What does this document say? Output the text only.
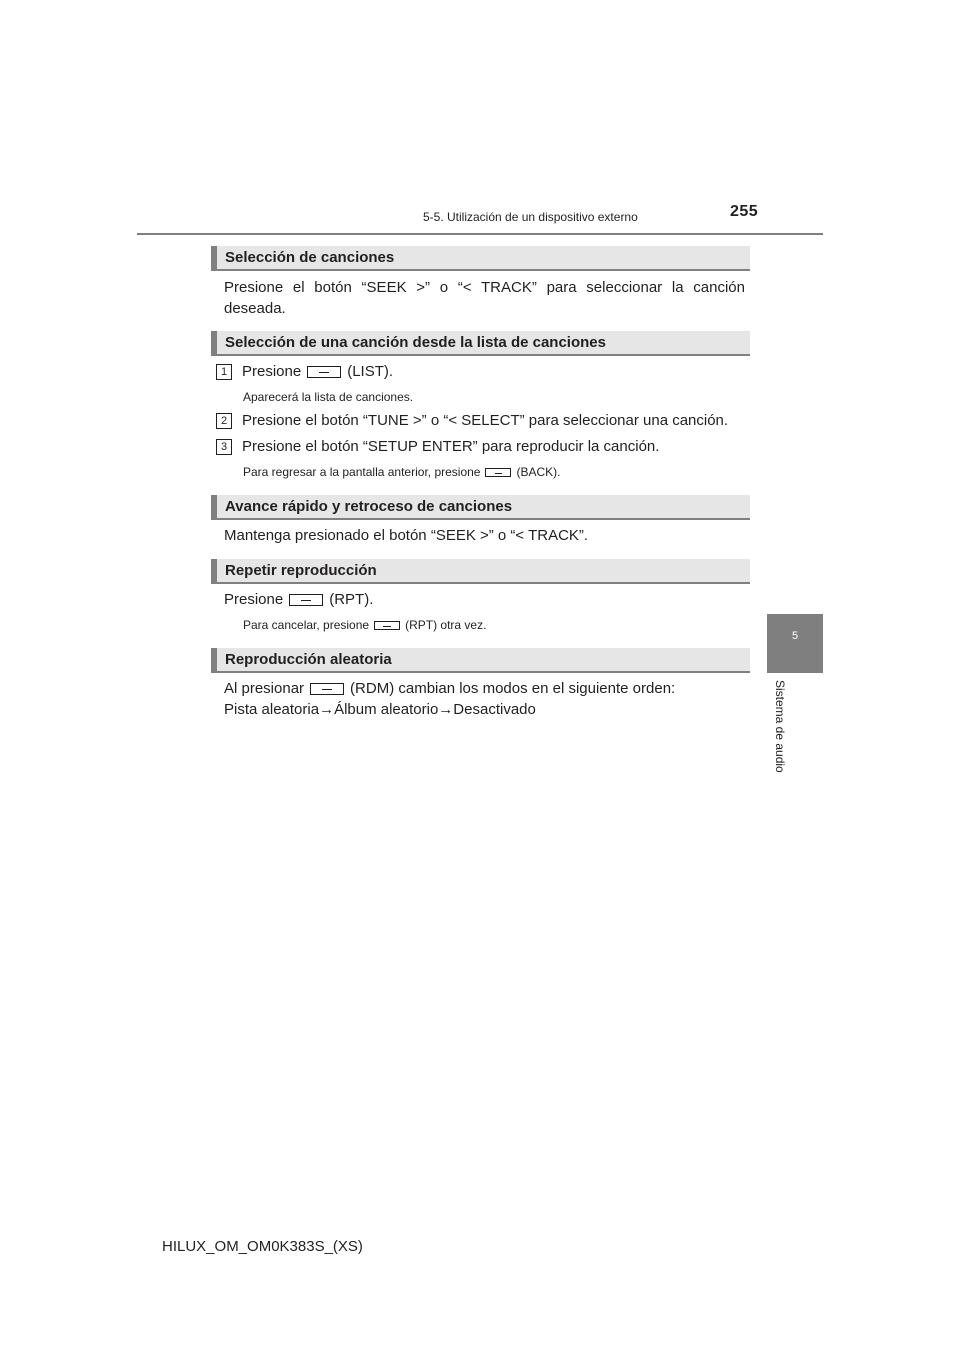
5-5. Utilización de un dispositivo externo	255
5
Sistema de audio
Selección de canciones
Presione el botón “SEEK >” o “< TRACK” para seleccionar la canción
deseada.
Selección de una canción desde la lista de canciones
1 Presione	(LIST).
Aparecerá la lista de canciones.
2 Presione el botón “TUNE >” o “< SELECT” para seleccionar una canción.
3 Presione el botón “SETUP ENTER” para reproducir la canción.
Para regresar a la pantalla anterior, presione	(BACK).
Avance rápido y retroceso de canciones
Mantenga presionado el botón “SEEK >” o “< TRACK”.
Repetir reproducción
Presione	(RPT).
Para cancelar, presione	(RPT) otra vez.
Reproducción aleatoria
Al presionar	(RDM) cambian los modos en el siguiente orden:
Pista aleatoria→Álbum aleatorio→Desactivado
HILUX_OM_OM0K383S_(XS)
